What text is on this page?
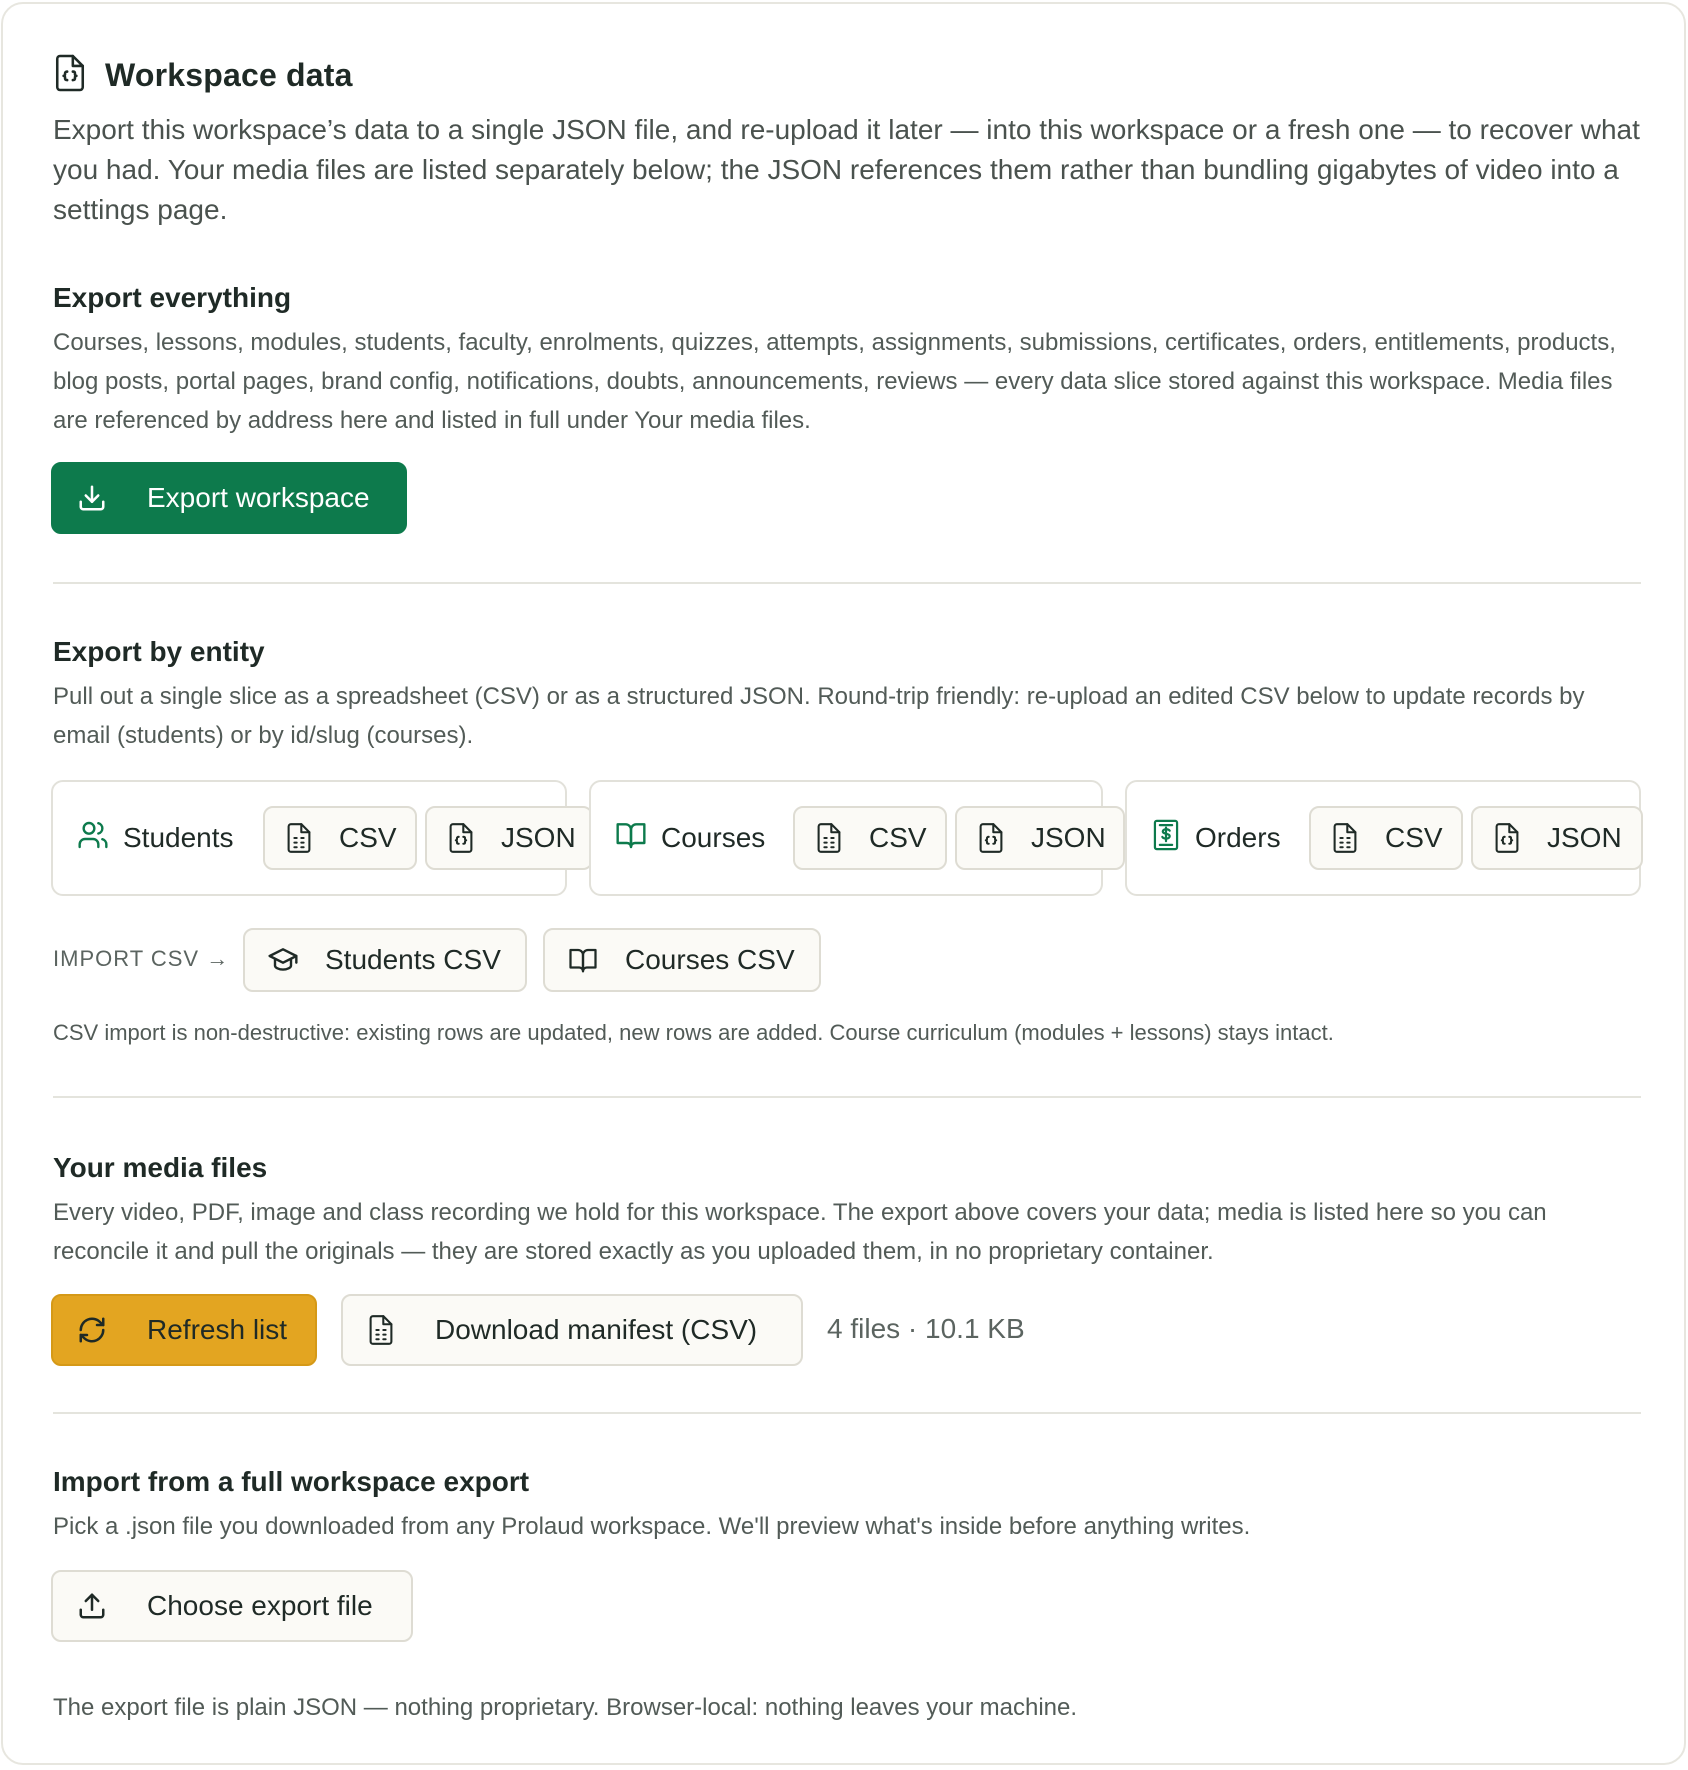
Workspace data

Export this workspace’s data to a single JSON file, and re-upload it later — into this workspace or a fresh one — to recover what you had. Your media files are listed separately below; the JSON references them rather than bundling gigabytes of video into a settings page.

Export everything

Courses, lessons, modules, students, faculty, enrolments, quizzes, attempts, assignments, submissions, certificates, orders, entitlements, products, blog posts, portal pages, brand config, notifications, doubts, announcements, reviews — every data slice stored against this workspace. Media files are referenced by address here and listed in full under Your media files.

Export workspace
Export by entity

Pull out a single slice as a spreadsheet (CSV) or as a structured JSON. Round-trip friendly: re-upload an edited CSV below to update records by email (students) or by id/slug (courses).

Students	CSV	JSON	Courses	CSV	JSON	Orders	CSV	JSON
IMPORT CSV →	Students CSV	Courses CSV

CSV import is non-destructive: existing rows are updated, new rows are added. Course curriculum (modules + lessons) stays intact.

Your media files

Every video, PDF, image and class recording we hold for this workspace. The export above covers your data; media is listed here so you can reconcile it and pull the originals — they are stored exactly as you uploaded them, in no proprietary container.

Refresh list	Download manifest (CSV) 4 files · 10.1 KB
Import from a full workspace export

Pick a .json file you downloaded from any Prolaud workspace. We'll preview what's inside before anything writes.

Choose export file

The export file is plain JSON — nothing proprietary. Browser-local: nothing leaves your machine.
